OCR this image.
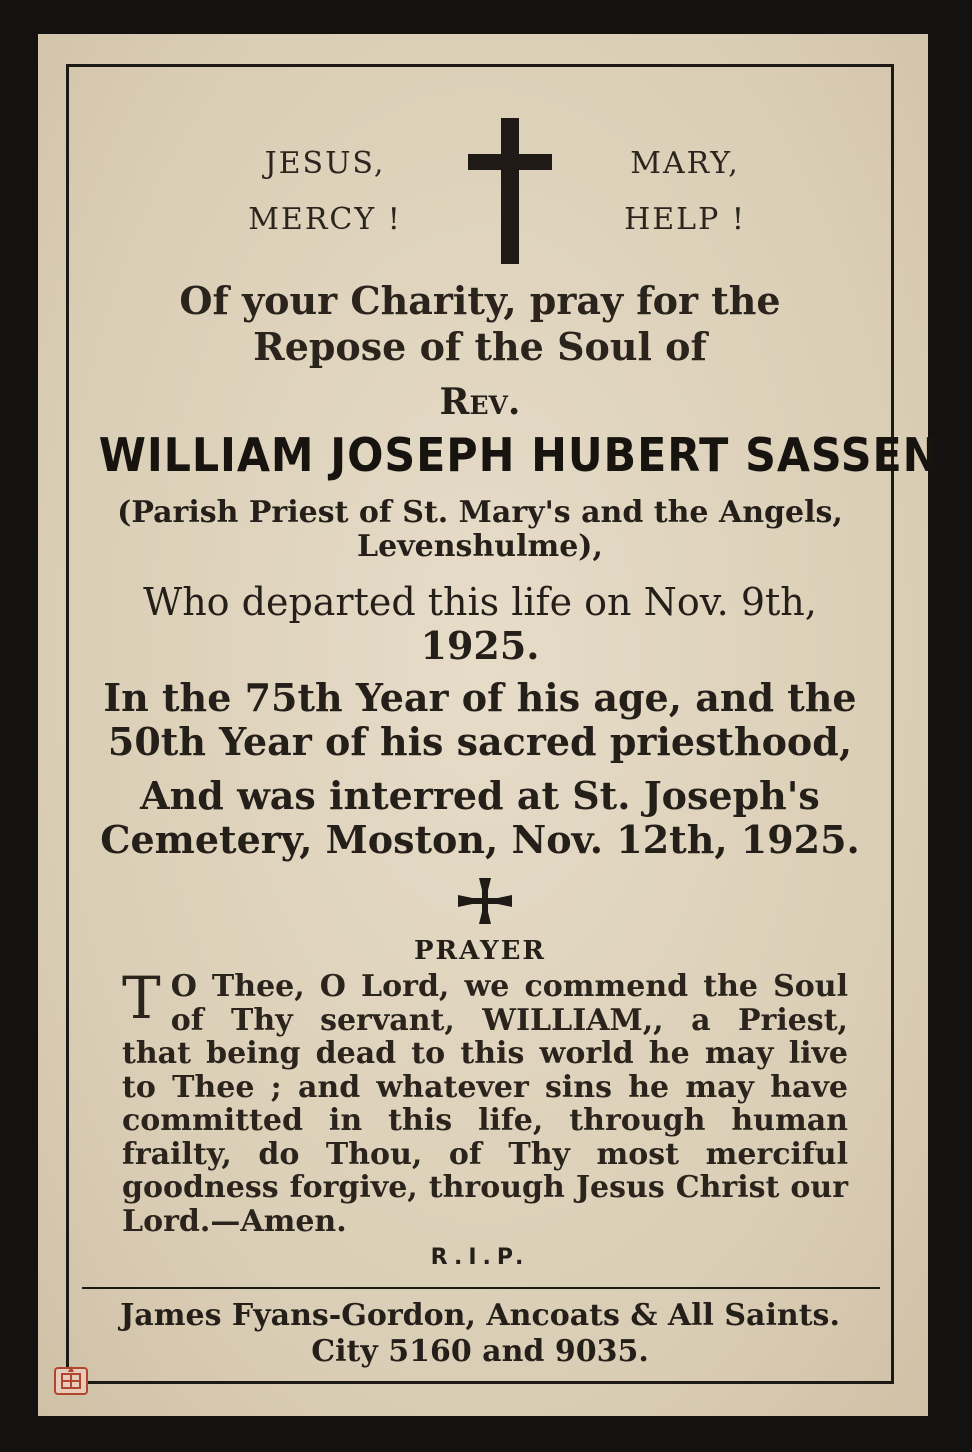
JESUS,
MERCY !
MARY,
HELP !
Of your Charity, pray for the
Repose of the Soul of
Rev.
WILLIAM JOSEPH HUBERT SASSEN
(Parish Priest of St. Mary's and the Angels,
Levenshulme),
Who departed this life on Nov. 9th,
1925.
In the 75th Year of his age, and the
50th Year of his sacred priesthood,
And was interred at St. Joseph's
Cemetery, Moston, Nov. 12th, 1925.
PRAYER
T O Thee, O Lord, we commend the Soul
of Thy servant, WILLIAM,, a Priest,
that being dead to this world he may live
to Thee ; and whatever sins he may have
committed in this life, through human
frailty, do Thou, of Thy most merciful
goodness forgive, through Jesus Christ our
Lord.—Amen.
R.I.P.
James Fyans-Gordon, Ancoats & All Saints.
City 5160 and 9035.
